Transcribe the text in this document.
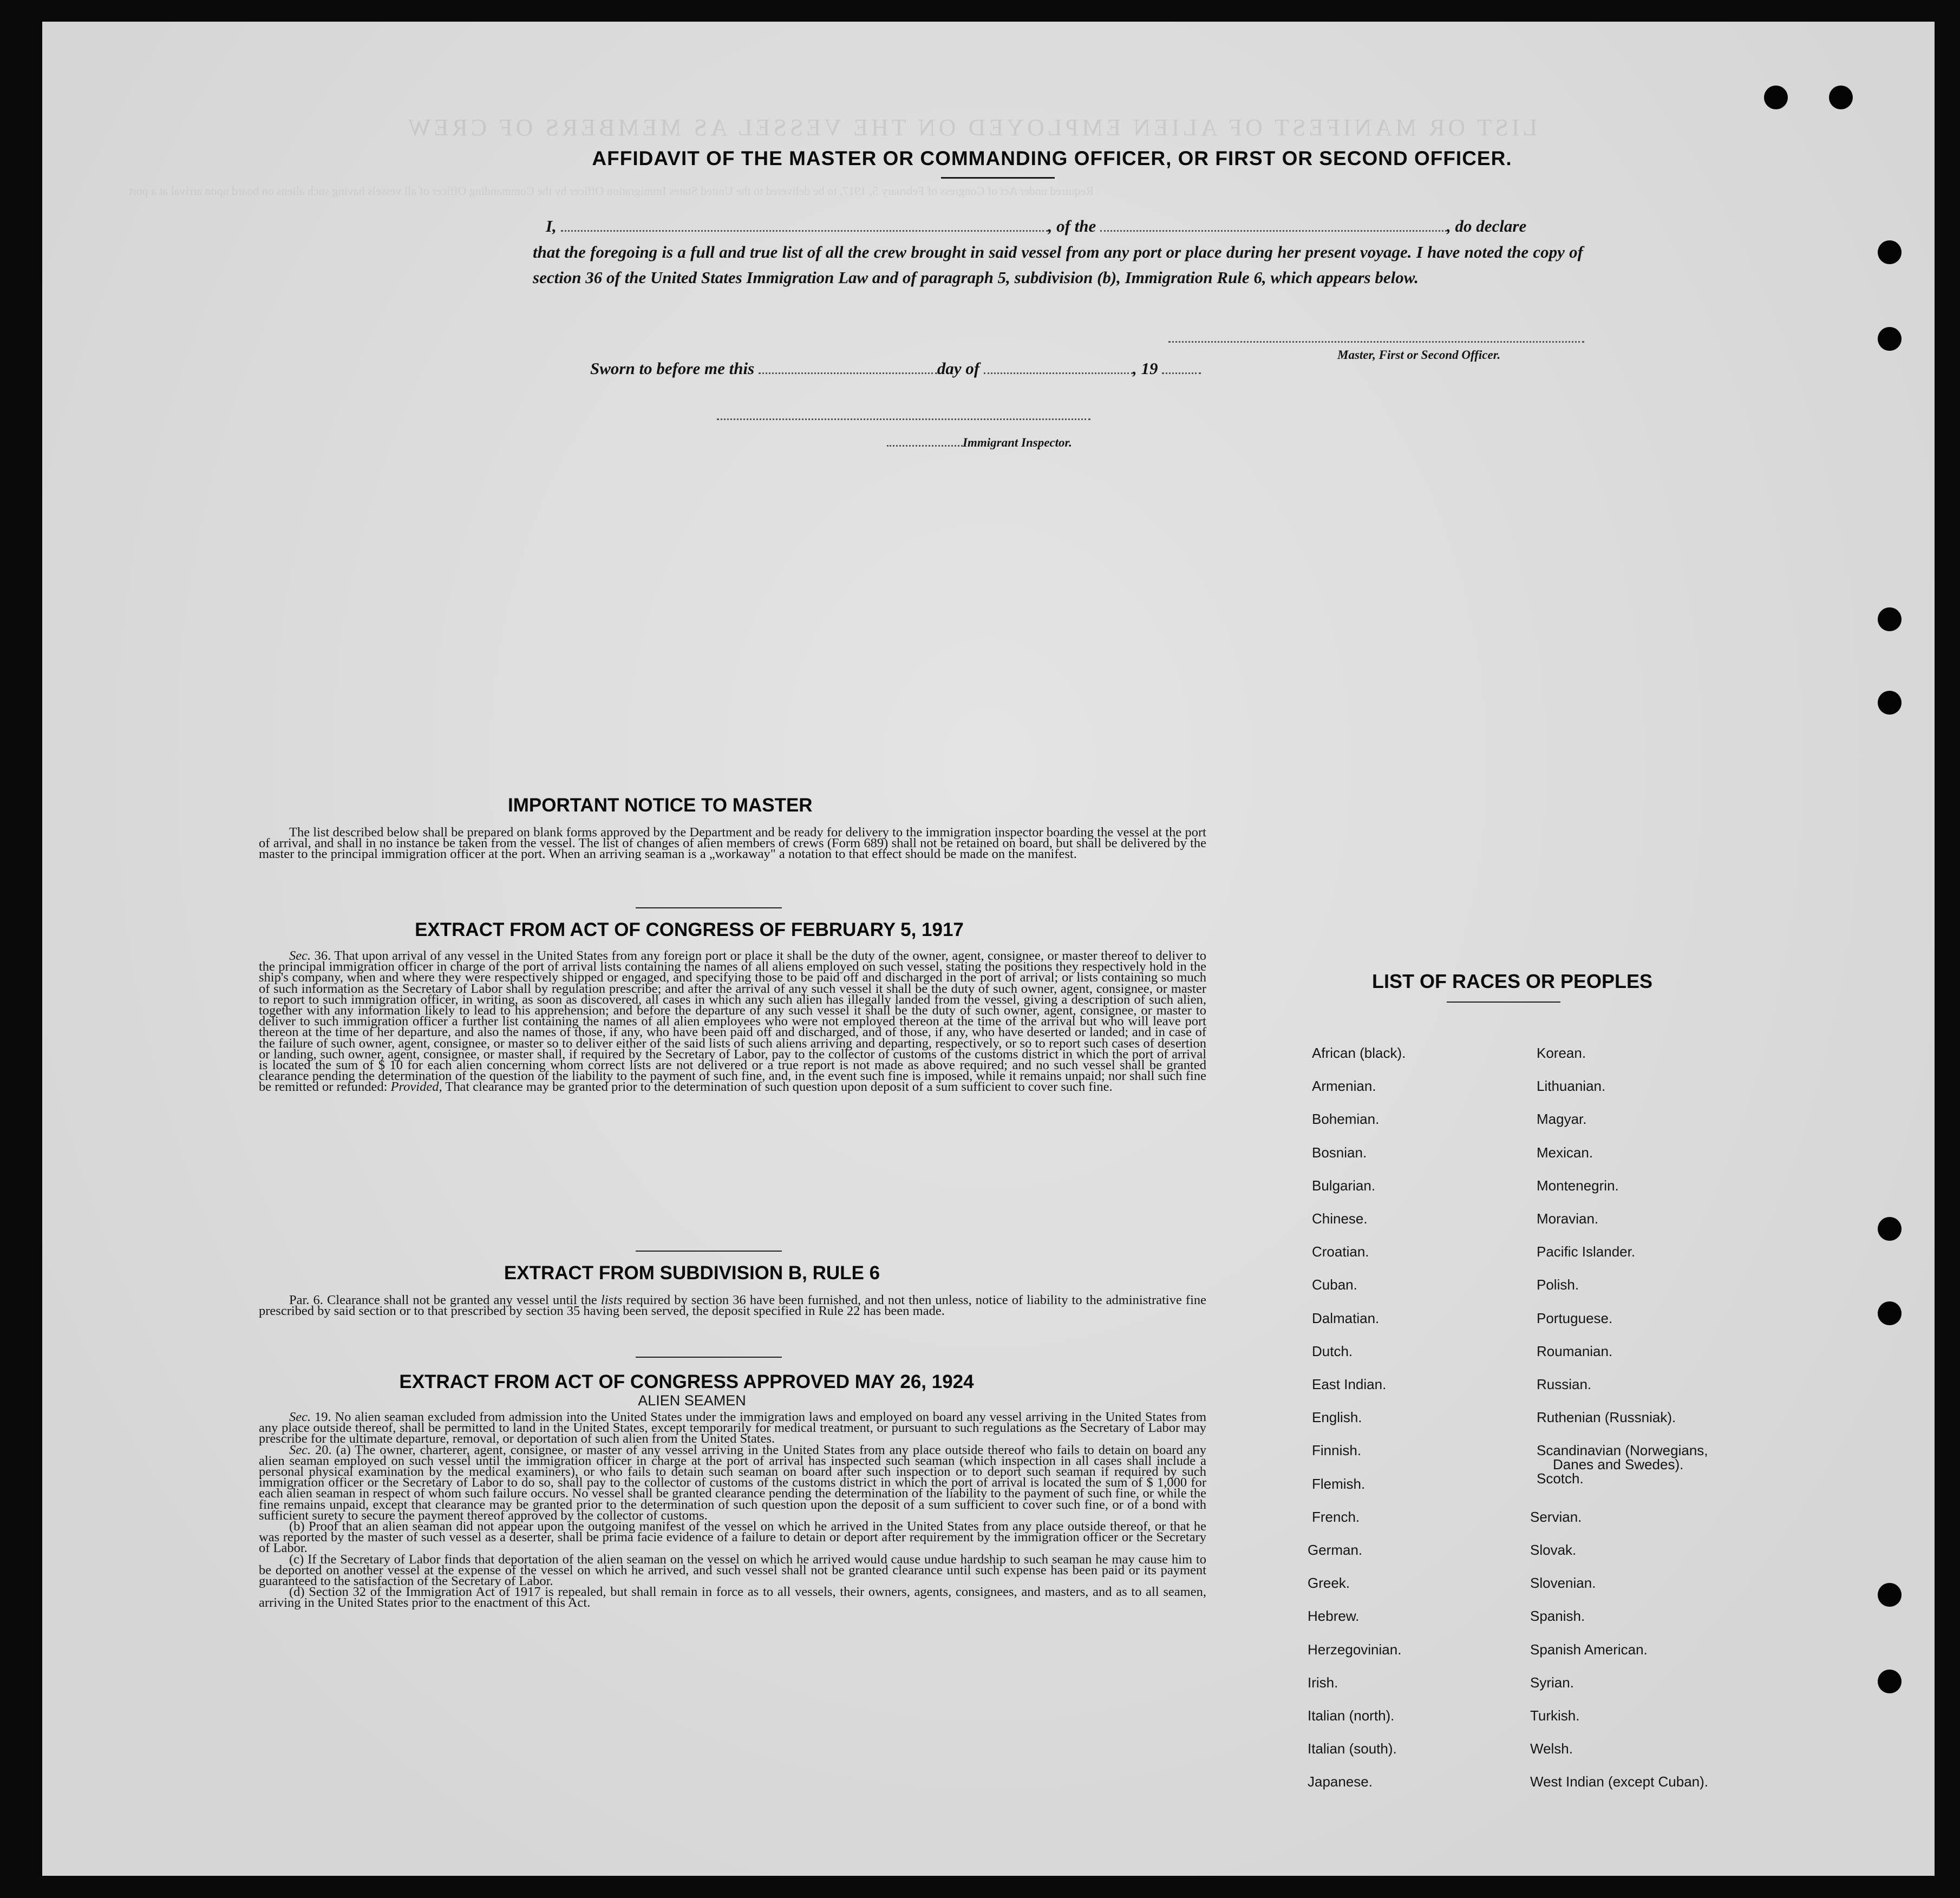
LIST OR MANIFEST OF ALIEN EMPLOYED ON THE VESSEL AS MEMBERS OF CREW
Required under Act of Congress of February 5, 1917, to be delivered to the United States Immigration Officer by the Commanding Officer of all vessels having such aliens on board upon arrival at a port
AFFIDAVIT OF THE MASTER OR COMMANDING OFFICER, OR FIRST OR SECOND OFFICER.
I,	, of the	, do declare
that the foregoing is a full and true list of all the crew brought in said vessel from any port or place during her present voyage. I have noted the copy of section 36 of the United States Immigration Law and of paragraph 5, subdivision (b), Immigration Rule 6, which appears below.
Master, First or Second Officer.
Sworn to before me this	day of	, 19
Immigrant Inspector.
IMPORTANT NOTICE TO MASTER
The list described below shall be prepared on blank forms approved by the Department and be ready for delivery to the immigration inspector boarding the vessel at the port of arrival, and shall in no instance be taken from the vessel. The list of changes of alien members of crews (Form 689) shall not be retained on board, but shall be delivered by the master to the principal immigration officer at the port. When an arriving seaman is a „workaway" a notation to that effect should be made on the manifest.
EXTRACT FROM ACT OF CONGRESS OF FEBRUARY 5, 1917
Sec. 36. That upon arrival of any vessel in the United States from any foreign port or place it shall be the duty of the owner, agent, consignee, or master thereof to deliver to the principal immigration officer in charge of the port of arrival lists containing the names of all aliens employed on such vessel, stating the positions they respectively hold in the ship's company, when and where they were respectively shipped or engaged, and specifying those to be paid off and discharged in the port of arrival; or lists containing so much of such information as the Secretary of Labor shall by regulation prescribe; and after the arrival of any such vessel it shall be the duty of such owner, agent, consignee, or master to report to such immigration officer, in writing, as soon as discovered, all cases in which any such alien has illegally landed from the vessel, giving a description of such alien, together with any information likely to lead to his apprehension; and before the departure of any such vessel it shall be the duty of such owner, agent, consignee, or master to deliver to such immigration officer a further list containing the names of all alien employees who were not employed thereon at the time of the arrival but who will leave port thereon at the time of her departure, and also the names of those, if any, who have been paid off and discharged, and of those, if any, who have deserted or landed; and in case of the failure of such owner, agent, consignee, or master so to deliver either of the said lists of such aliens arriving and departing, respectively, or so to report such cases of desertion or landing, such owner, agent, consignee, or master shall, if required by the Secretary of Labor, pay to the collector of customs of the customs district in which the port of arrival is located the sum of $ 10 for each alien concerning whom correct lists are not delivered or a true report is not made as above required; and no such vessel shall be granted clearance pending the determination of the question of the liability to the payment of such fine, and, in the event such fine is imposed, while it remains unpaid; nor shall such fine be remitted or refunded: Provided, That clearance may be granted prior to the determination of such question upon deposit of a sum sufficient to cover such fine.
EXTRACT FROM SUBDIVISION B, RULE 6
Par. 6. Clearance shall not be granted any vessel until the lists required by section 36 have been furnished, and not then unless, notice of liability to the administrative fine prescribed by said section or to that prescribed by section 35 having been served, the deposit specified in Rule 22 has been made.
EXTRACT FROM ACT OF CONGRESS APPROVED MAY 26, 1924
ALIEN SEAMEN
Sec. 19. No alien seaman excluded from admission into the United States under the immigration laws and employed on board any vessel arriving in the United States from any place outside thereof, shall be permitted to land in the United States, except temporarily for medical treatment, or pursuant to such regulations as the Secretary of Labor may prescribe for the ultimate departure, removal, or deportation of such alien from the United States.
Sec. 20. (a) The owner, charterer, agent, consignee, or master of any vessel arriving in the United States from any place outside thereof who fails to detain on board any alien seaman employed on such vessel until the immigration officer in charge at the port of arrival has inspected such seaman (which inspection in all cases shall include a personal physical examination by the medical examiners), or who fails to detain such seaman on board after such inspection or to deport such seaman if required by such immigration officer or the Secretary of Labor to do so, shall pay to the collector of customs of the customs district in which the port of arrival is located the sum of $ 1,000 for each alien seaman in respect of whom such failure occurs. No vessel shall be granted clearance pending the determination of the liability to the payment of such fine, or while the fine remains unpaid, except that clearance may be granted prior to the determination of such question upon the deposit of a sum sufficient to cover such fine, or of a bond with sufficient surety to secure the payment thereof approved by the collector of customs.
(b) Proof that an alien seaman did not appear upon the outgoing manifest of the vessel on which he arrived in the United States from any place outside thereof, or that he was reported by the master of such vessel as a deserter, shall be prima facie evidence of a failure to detain or deport after requirement by the immigration officer or the Secretary of Labor.
(c) If the Secretary of Labor finds that deportation of the alien seaman on the vessel on which he arrived would cause undue hardship to such seaman he may cause him to be deported on another vessel at the expense of the vessel on which he arrived, and such vessel shall not be granted clearance until such expense has been paid or its payment guaranteed to the satisfaction of the Secretary of Labor.
(d) Section 32 of the Immigration Act of 1917 is repealed, but shall remain in force as to all vessels, their owners, agents, consignees, and masters, and as to all seamen, arriving in the United States prior to the enactment of this Act.
LIST OF RACES OR PEOPLES
African (black).
Armenian.
Bohemian.
Bosnian.
Bulgarian.
Chinese.
Croatian.
Cuban.
Dalmatian.
Dutch.
East Indian.
English.
Finnish.
Flemish.
French.
German.
Greek.
Hebrew.
Herzegovinian.
Irish.
Italian (north).
Italian (south).
Japanese.
Korean.
Lithuanian.
Magyar.
Mexican.
Montenegrin.
Moravian.
Pacific Islander.
Polish.
Portuguese.
Roumanian.
Russian.
Ruthenian (Russniak).
Scandinavian (Norwegians,
Danes and Swedes).
Scotch.
Servian.
Slovak.
Slovenian.
Spanish.
Spanish American.
Syrian.
Turkish.
Welsh.
West Indian (except Cuban).
